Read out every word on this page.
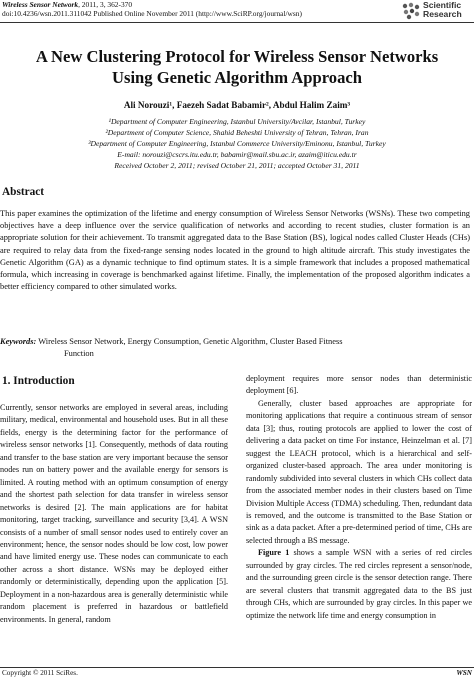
Wireless Sensor Network, 2011, 3, 362-370
doi:10.4236/wsn.2011.311042 Published Online November 2011 (http://www.SciRP.org/journal/wsn)
Scientific
Research
A New Clustering Protocol for Wireless Sensor Networks
Using Genetic Algorithm Approach
Ali Norouzi¹, Faezeh Sadat Babamir², Abdul Halim Zaim³
¹Department of Computer Engineering, Istanbul University/Avcilar, Istanbul, Turkey
²Department of Computer Science, Shahid Beheshti University of Tehran, Tehran, Iran
³Department of Computer Engineering, Istanbul Commerce University/Eminonu, Istanbul, Turkey
E-mail: norouzi@cscrs.itu.edu.tr, babamir@mail.sbu.ac.ir, azaim@iticu.edu.tr
Received October 2, 2011; revised October 21, 2011; accepted October 31, 2011
Abstract

This paper examines the optimization of the lifetime and energy consumption of Wireless Sensor Networks (WSNs). These two competing objectives have a deep influence over the service qualification of networks and according to recent studies, cluster formation is an appropriate solution for their achievement. To transmit aggregated data to the Base Station (BS), logical nodes called Cluster Heads (CHs) are required to relay data from the fixed-range sensing nodes located in the ground to high altitude aircraft. This study investigates the Genetic Algorithm (GA) as a dynamic technique to find optimum states. It is a simple framework that includes a proposed mathematical formula, which increasing in coverage is benchmarked against lifetime. Finally, the implementation of the proposed algorithm indicates a better efficiency compared to other simulated works.

Keywords: Wireless Sensor Network, Energy Consumption, Genetic Algorithm, Cluster Based Fitness
Function
1. Introduction

Currently, sensor networks are employed in several areas, including military, medical, environmental and household uses. But in all these fields, energy is the determining factor for the performance of wireless sensor networks [1]. Consequently, methods of data routing and transfer to the base station are very important because the sensor nodes run on battery power and the available energy for sensors is limited. A routing method with an optimum consumption of energy and the shortest path selection for data transfer in wireless sensor networks is desired [2]. The main applications are for habitat monitoring, target tracking, surveillance and security [3,4]. A WSN consists of a number of small sensor nodes used to entirely cover an environment; hence, the sensor nodes should be low cost, low power and have limited energy use. These nodes can communicate to each other across a short distance. WSNs may be deployed either randomly or deterministically, depending upon the application [5]. Deployment in a non-hazardous area is generally deterministic while random placement is preferred in hazardous or battlefield environments. In general, random

deployment requires more sensor nodes than deterministic deployment [6].

Generally, cluster based approaches are appropriate for monitoring applications that require a continuous stream of sensor data [3]; thus, routing protocols are applied to lower the cost of delivering a data packet on time For instance, Heinzelman et al. [7] suggest the LEACH protocol, which is a hierarchical and self-organized cluster-based approach. The area under monitoring is randomly subdivided into several clusters in which CHs collect data from the associated member nodes in their clusters based on Time Division Multiple Access (TDMA) scheduling. Then, redundant data is removed, and the outcome is transmitted to the Base Station or sink as a data packet. After a pre-determined period of time, CHs are selected through a BS message.

Figure 1 shows a sample WSN with a series of red circles surrounded by gray circles. The red circles represent a sensor/node, and the surrounding green circle is the sensor detection range. There are several clusters that transmit aggregated data to the BS just through CHs, which are surrounded by gray circles. In this paper we optimize the network life time and energy consumption in

Copyright © 2011 SciRes.	WSN
